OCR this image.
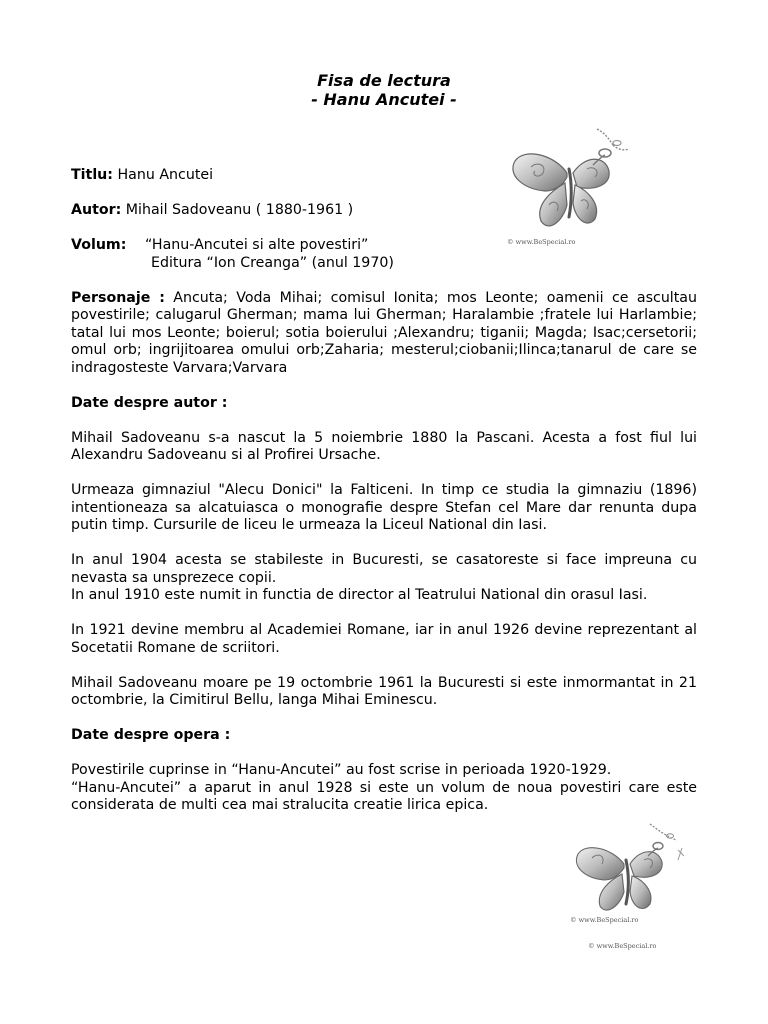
Fisa de lectura
- Hanu Ancutei -
© www.BeSpecial.ro

Titlu: Hanu Ancutei

Autor: Mihail Sadoveanu ( 1880-1961 )

Volum: “Hanu-Ancutei si alte povestiri”
Editura “Ion Creanga” (anul 1970)

Personaje : Ancuta; Voda Mihai; comisul Ionita; mos Leonte; oamenii ce ascultau povestirile; calugarul Gherman; mama lui Gherman; Haralambie ;fratele lui Harlambie; tatal lui mos Leonte; boierul; sotia boierului ;Alexandru; tiganii; Magda; Isac;cersetorii; omul orb; ingrijitoarea omului orb;Zaharia; mesterul;ciobanii;Ilinca;tanarul de care se indragosteste Varvara;Varvara

Date despre autor :

Mihail Sadoveanu s-a nascut la 5 noiembrie 1880 la Pascani. Acesta a fost fiul lui Alexandru Sadoveanu si al Profirei Ursache.

Urmeaza gimnaziul "Alecu Donici" la Falticeni. In timp ce studia la gimnaziu (1896) intentioneaza sa alcatuiasca o monografie despre Stefan cel Mare dar renunta dupa putin timp. Cursurile de liceu le urmeaza la Liceul National din Iasi.

In anul 1904 acesta se stabileste in Bucuresti, se casatoreste si face impreuna cu nevasta sa unsprezece copii.
In anul 1910 este numit in functia de director al Teatrului National din orasul Iasi.

In 1921 devine membru al Academiei Romane, iar in anul 1926 devine reprezentant al Socetatii Romane de scriitori.

Mihail Sadoveanu moare pe 19 octombrie 1961 la Bucuresti si este inmormantat in 21 octombrie, la Cimitirul Bellu, langa Mihai Eminescu.

Date despre opera :

Povestirile cuprinse in “Hanu-Ancutei” au fost scrise in perioada 1920-1929.
“Hanu-Ancutei” a aparut in anul 1928 si este un volum de noua povestiri care este considerata de multi cea mai stralucita creatie lirica epica.

© www.BeSpecial.ro
© www.BeSpecial.ro
